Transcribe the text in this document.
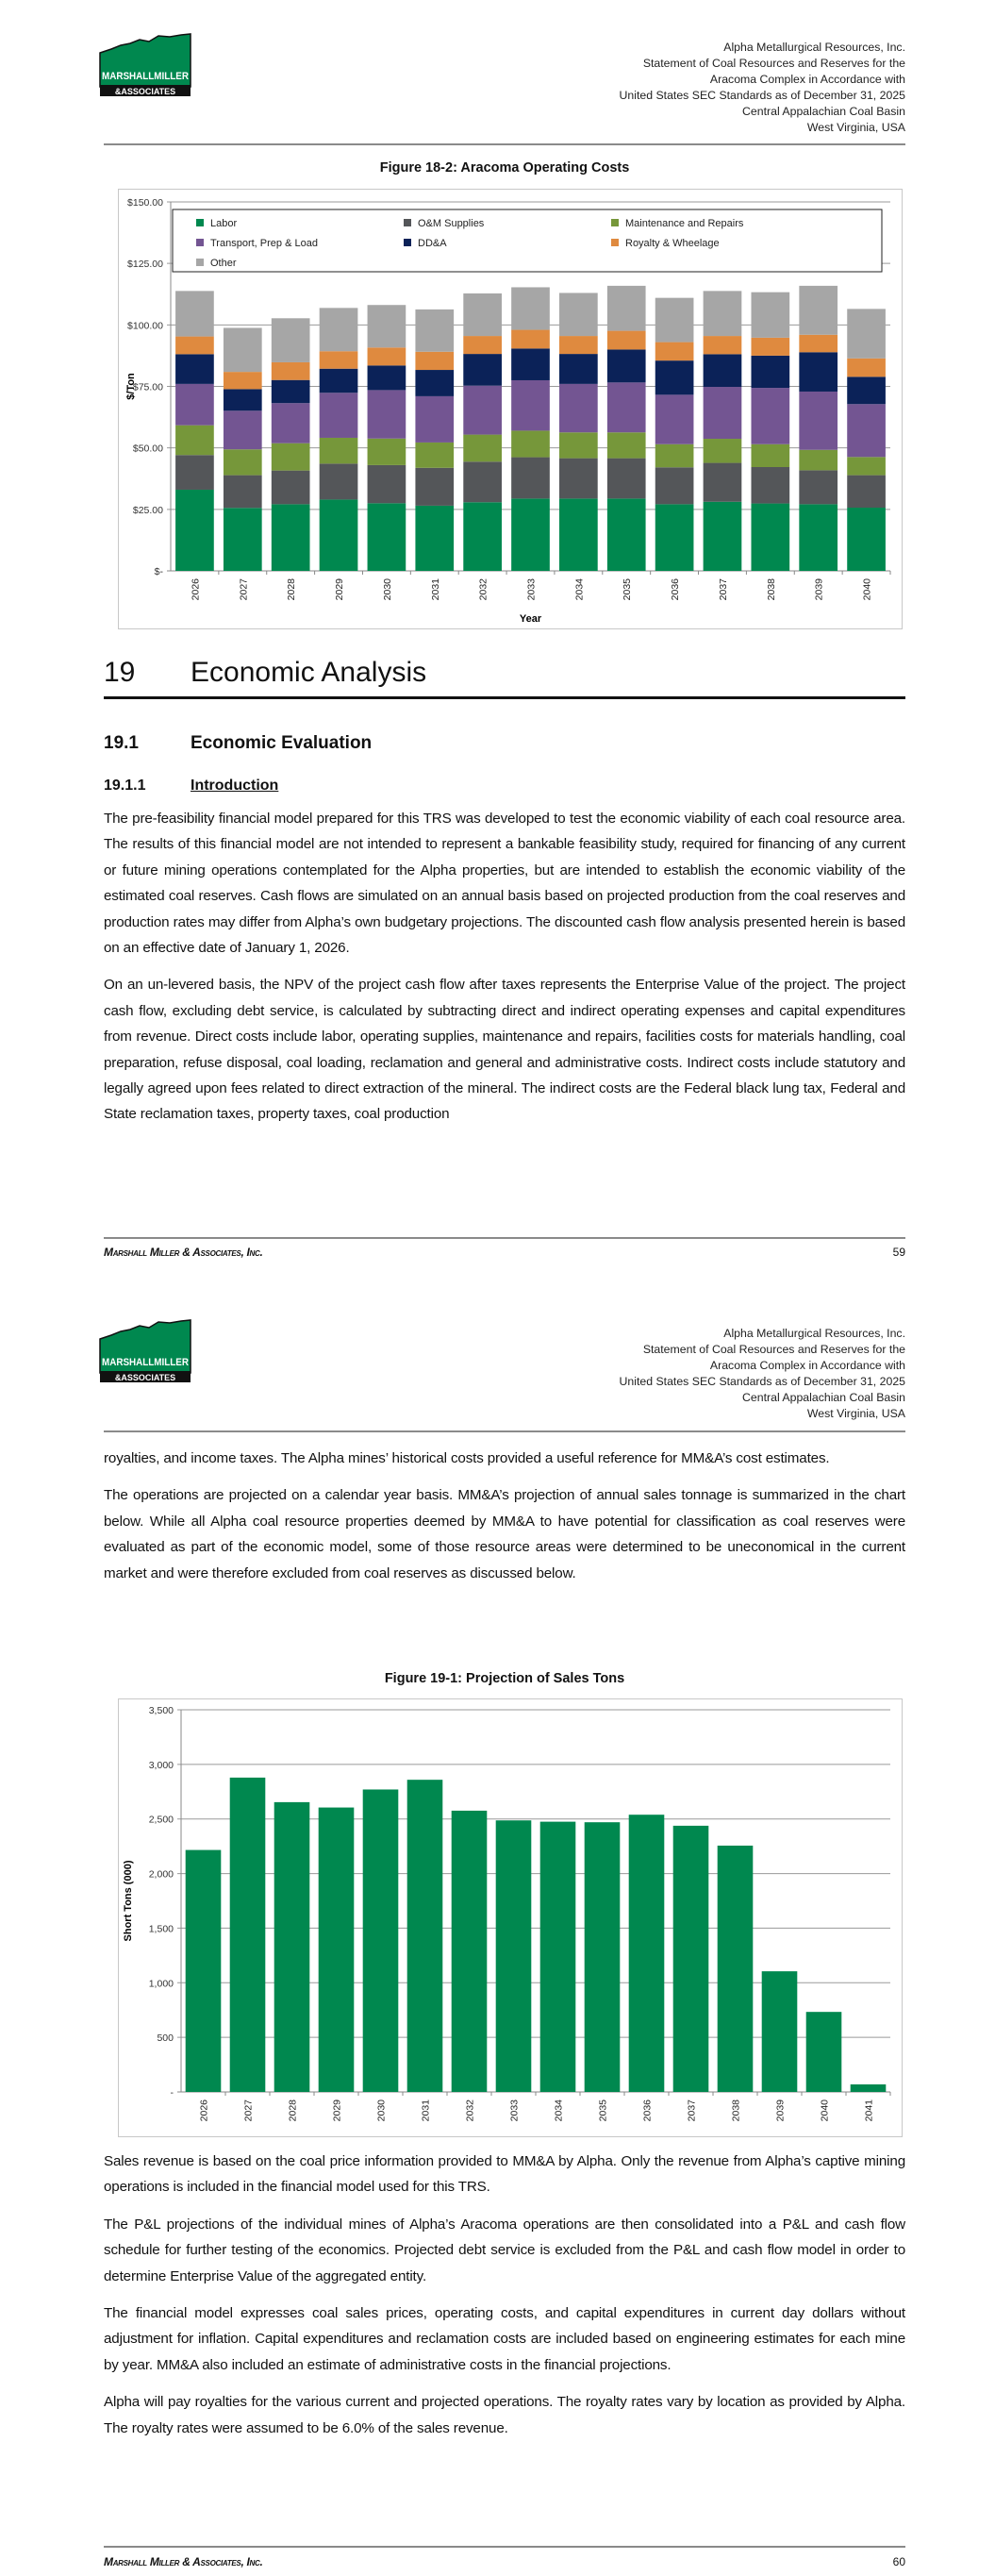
MARSHALLMILLER
&ASSOCIATES
Alpha Metallurgical Resources, Inc.
Statement of Coal Resources and Reserves for the
Aracoma Complex in Accordance with
United States SEC Standards as of December 31, 2025
Central Appalachian Coal Basin
West Virginia, USA
Figure 18-2: Aracoma Operating Costs
$-
$25.00
$50.00
$75.00
$100.00
$125.00
$150.00
2026	2027	2028	2029	2030	2031	2032	2033	2034	2035	2036	2037	2038	2039	2040
$/Ton
Year
Labor	O&M Supplies	Maintenance and Repairs
Transport, Prep & Load	DD&A	Royalty & Wheelage
Other
19 Economic Analysis
19.1	Economic Evaluation
19.1.1	Introduction
The pre-feasibility financial model prepared for this TRS was developed to test the economic viability of each coal resource area. The results of this financial model are not intended to represent a bankable feasibility study, required for financing of any current or future mining operations contemplated for the Alpha properties, but are intended to establish the economic viability of the estimated coal reserves. Cash flows are simulated on an annual basis based on projected production from the coal reserves and production rates may differ from Alpha’s own budgetary projections. The discounted cash flow analysis presented herein is based on an effective date of January 1, 2026.
On an un-levered basis, the NPV of the project cash flow after taxes represents the Enterprise Value of the project. The project cash flow, excluding debt service, is calculated by subtracting direct and indirect operating expenses and capital expenditures from revenue. Direct costs include labor, operating supplies, maintenance and repairs, facilities costs for materials handling, coal preparation, refuse disposal, coal loading, reclamation and general and administrative costs. Indirect costs include statutory and legally agreed upon fees related to direct extraction of the mineral. The indirect costs are the Federal black lung tax, Federal and State reclamation taxes, property taxes, coal production
Marshall Miller & Associates, Inc.	59
MARSHALLMILLER
&ASSOCIATES
Alpha Metallurgical Resources, Inc.
Statement of Coal Resources and Reserves for the
Aracoma Complex in Accordance with
United States SEC Standards as of December 31, 2025
Central Appalachian Coal Basin
West Virginia, USA
royalties, and income taxes. The Alpha mines’ historical costs provided a useful reference for MM&A’s cost estimates.
The operations are projected on a calendar year basis. MM&A’s projection of annual sales tonnage is summarized in the chart below. While all Alpha coal resource properties deemed by MM&A to have potential for classification as coal reserves were evaluated as part of the economic model, some of those resource areas were determined to be uneconomical in the current market and were therefore excluded from coal reserves as discussed below.
Figure 19-1: Projection of Sales Tons
-
500
1,000
1,500
2,000
2,500
3,000
3,500
2026	2027	2028	2029	2030	2031	2032	2033	2034	2035	2036	2037	2038	2039	2040	2041
Short Tons (000)
Sales revenue is based on the coal price information provided to MM&A by Alpha. Only the revenue from Alpha’s captive mining operations is included in the financial model used for this TRS.
The P&L projections of the individual mines of Alpha’s Aracoma operations are then consolidated into a P&L and cash flow schedule for further testing of the economics. Projected debt service is excluded from the P&L and cash flow model in order to determine Enterprise Value of the aggregated entity.
The financial model expresses coal sales prices, operating costs, and capital expenditures in current day dollars without adjustment for inflation. Capital expenditures and reclamation costs are included based on engineering estimates for each mine by year. MM&A also included an estimate of administrative costs in the financial projections.
Alpha will pay royalties for the various current and projected operations. The royalty rates vary by location as provided by Alpha. The royalty rates were assumed to be 6.0% of the sales revenue.
Marshall Miller & Associates, Inc.	60
